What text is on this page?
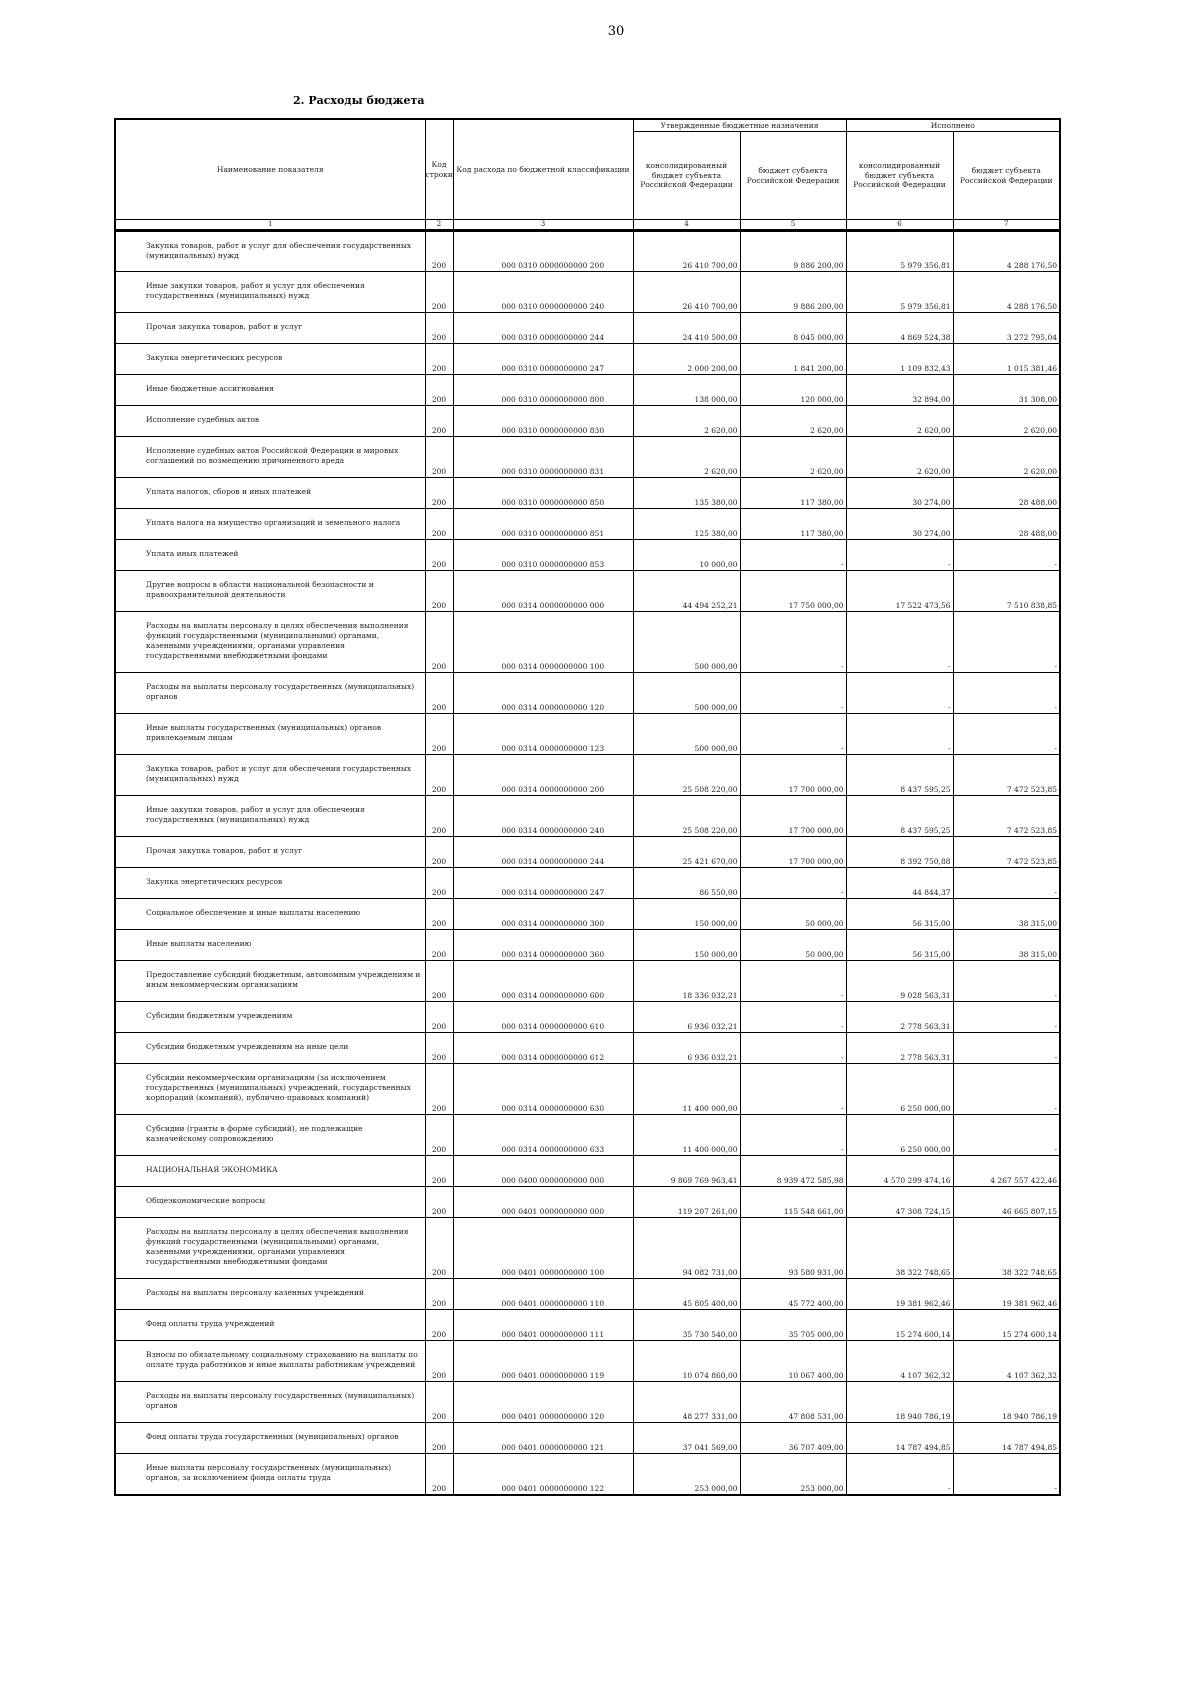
30
2. Расходы бюджета
Наименование показателя	Код строки	Код расхода по бюджетной классификации	Утвержденные бюджетные назначения		Исполнено	
			консолидированный бюджет субъекта Российской Федерации	бюджет субъекта Российской Федерации	консолидированный бюджет субъекта Российской Федерации	бюджет субъекта Российской Федерации
1	2	3	4	5	6	7
Закупка товаров, работ и услуг для обеспечения государственных (муниципальных) нужд	200	000 0310 0000000000 200	26 410 700,00	9 886 200,00	5 979 356,81	4 288 176,50
Иные закупки товаров, работ и услуг для обеспечения государственных (муниципальных) нужд	200	000 0310 0000000000 240	26 410 700,00	9 886 200,00	5 979 356,81	4 288 176,50
Прочая закупка товаров, работ и услуг	200	000 0310 0000000000 244	24 410 500,00	8 045 000,00	4 869 524,38	3 272 795,04
Закупка энергетических ресурсов	200	000 0310 0000000000 247	2 000 200,00	1 841 200,00	1 109 832,43	1 015 381,46
Иные бюджетные ассигнования	200	000 0310 0000000000 800	138 000,00	120 000,00	32 894,00	31 308,00
Исполнение судебных актов	200	000 0310 0000000000 830	2 620,00	2 620,00	2 620,00	2 620,00
Исполнение судебных актов Российской Федерации и мировых соглашений по возмещению причиненного вреда	200	000 0310 0000000000 831	2 620,00	2 620,00	2 620,00	2 620,00
Уплата налогов, сборов и иных платежей	200	000 0310 0000000000 850	135 380,00	117 380,00	30 274,00	28 488,00
Уплата налога на имущество организаций и земельного налога	200	000 0310 0000000000 851	125 380,00	117 380,00	30 274,00	28 488,00
Уплата иных платежей	200	000 0310 0000000000 853	10 000,00	-	-	-
Другие вопросы в области национальной безопасности и правоохранительной деятельности	200	000 0314 0000000000 000	44 494 252,21	17 750 000,00	17 522 473,56	7 510 838,85
Расходы на выплаты персоналу в целях обеспечения выполнения функций государственными (муниципальными) органами, казенными учреждениями, органами управления государственными внебюджетными фондами	200	000 0314 0000000000 100	500 000,00	-	-	-
Расходы на выплаты персоналу государственных (муниципальных) органов	200	000 0314 0000000000 120	500 000,00	-	-	-
Иные выплаты государственных (муниципальных) органов привлекаемым лицам	200	000 0314 0000000000 123	500 000,00	-	-	-
Закупка товаров, работ и услуг для обеспечения государственных (муниципальных) нужд	200	000 0314 0000000000 200	25 508 220,00	17 700 000,00	8 437 595,25	7 472 523,85
Иные закупки товаров, работ и услуг для обеспечения государственных (муниципальных) нужд	200	000 0314 0000000000 240	25 508 220,00	17 700 000,00	8 437 595,25	7 472 523,85
Прочая закупка товаров, работ и услуг	200	000 0314 0000000000 244	25 421 670,00	17 700 000,00	8 392 750,88	7 472 523,85
Закупка энергетических ресурсов	200	000 0314 0000000000 247	86 550,00	-	44 844,37	-
Социальное обеспечение и иные выплаты населению	200	000 0314 0000000000 300	150 000,00	50 000,00	56 315,00	38 315,00
Иные выплаты населению	200	000 0314 0000000000 360	150 000,00	50 000,00	56 315,00	38 315,00
Предоставление субсидий бюджетным, автономным учреждениям и иным некоммерческим организациям	200	000 0314 0000000000 600	18 336 032,21	-	9 028 563,31	-
Субсидии бюджетным учреждениям	200	000 0314 0000000000 610	6 936 032,21	-	2 778 563,31	-
Субсидии бюджетным учреждениям на иные цели	200	000 0314 0000000000 612	6 936 032,21	-	2 778 563,31	-
Субсидии некоммерческим организациям (за исключением государственных (муниципальных) учреждений, государственных корпораций (компаний), публично-правовых компаний)	200	000 0314 0000000000 630	11 400 000,00	-	6 250 000,00	-
Субсидии (гранты в форме субсидий), не подлежащие казначейскому сопровождению	200	000 0314 0000000000 633	11 400 000,00	-	6 250 000,00	-
НАЦИОНАЛЬНАЯ ЭКОНОМИКА	200	000 0400 0000000000 000	9 869 769 963,41	8 939 472 585,98	4 570 299 474,16	4 267 557 422,46
Общеэкономические вопросы	200	000 0401 0000000000 000	119 207 261,00	115 548 661,00	47 308 724,15	46 665 807,15
Расходы на выплаты персоналу в целях обеспечения выполнения функций государственными (муниципальными) органами, казенными учреждениями, органами управления государственными внебюджетными фондами	200	000 0401 0000000000 100	94 082 731,00	93 580 931,00	38 322 748,65	38 322 748,65
Расходы на выплаты персоналу казенных учреждений	200	000 0401 0000000000 110	45 805 400,00	45 772 400,00	19 381 962,46	19 381 962,46
Фонд оплаты труда учреждений	200	000 0401 0000000000 111	35 730 540,00	35 705 000,00	15 274 600,14	15 274 600,14
Взносы по обязательному социальному страхованию на выплаты по оплате труда работников и иные выплаты работникам учреждений	200	000 0401 0000000000 119	10 074 860,00	10 067 400,00	4 107 362,32	4 107 362,32
Расходы на выплаты персоналу государственных (муниципальных) органов	200	000 0401 0000000000 120	48 277 331,00	47 808 531,00	18 940 786,19	18 940 786,19
Фонд оплаты труда государственных (муниципальных) органов	200	000 0401 0000000000 121	37 041 569,00	36 707 409,00	14 787 494,85	14 787 494,85
Иные выплаты персоналу государственных (муниципальных) органов, за исключением фонда оплаты труда	200	000 0401 0000000000 122	253 000,00	253 000,00	-	-
